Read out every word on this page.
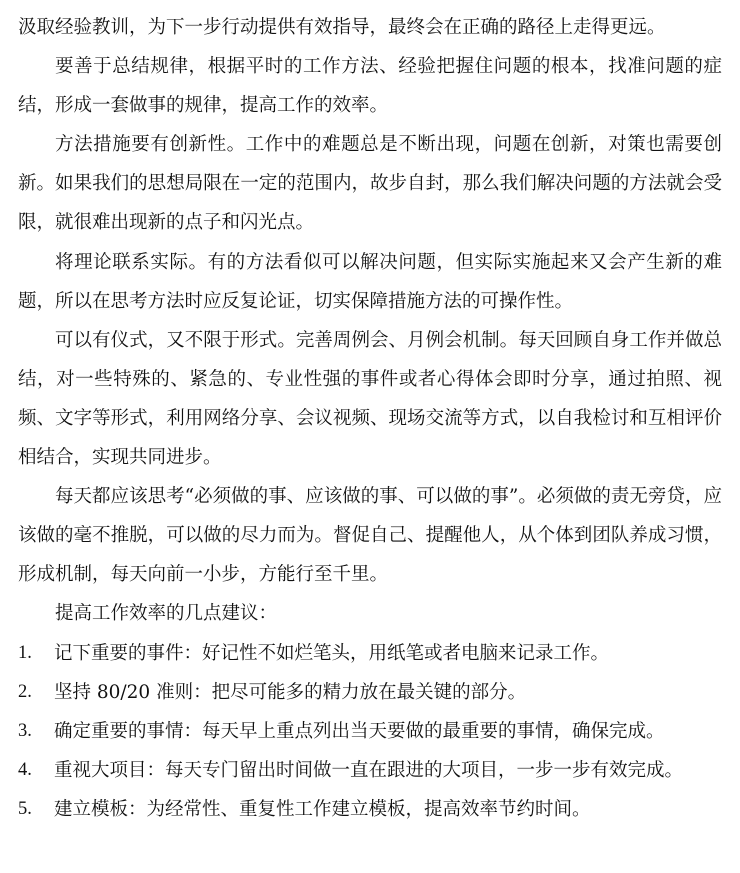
汲取经验教训，为下一步行动提供有效指导，最终会在正确的路径上走得更远。

要善于总结规律，根据平时的工作方法、经验把握住问题的根本，找准问题的症结，形成一套做事的规律，提高工作的效率。

方法措施要有创新性。工作中的难题总是不断出现，问题在创新，对策也需要创新。如果我们的思想局限在一定的范围内，故步自封，那么我们解决问题的方法就会受限，就很难出现新的点子和闪光点。

将理论联系实际。有的方法看似可以解决问题，但实际实施起来又会产生新的难题，所以在思考方法时应反复论证，切实保障措施方法的可操作性。

可以有仪式，又不限于形式。完善周例会、月例会机制。每天回顾自身工作并做总结，对一些特殊的、紧急的、专业性强的事件或者心得体会即时分享，通过拍照、视频、文字等形式，利用网络分享、会议视频、现场交流等方式，以自我检讨和互相评价相结合，实现共同进步。

每天都应该思考“必须做的事、应该做的事、可以做的事”。必须做的责无旁贷，应该做的毫不推脱，可以做的尽力而为。督促自己、提醒他人，从个体到团队养成习惯，形成机制，每天向前一小步，方能行至千里。

提高工作效率的几点建议：

1.	记下重要的事件：好记性不如烂笔头，用纸笔或者电脑来记录工作。
2.	坚持 80/20 准则：把尽可能多的精力放在最关键的部分。
3.	确定重要的事情：每天早上重点列出当天要做的最重要的事情，确保完成。
4.	重视大项目：每天专门留出时间做一直在跟进的大项目，一步一步有效完成。
5.	建立模板：为经常性、重复性工作建立模板，提高效率节约时间。
